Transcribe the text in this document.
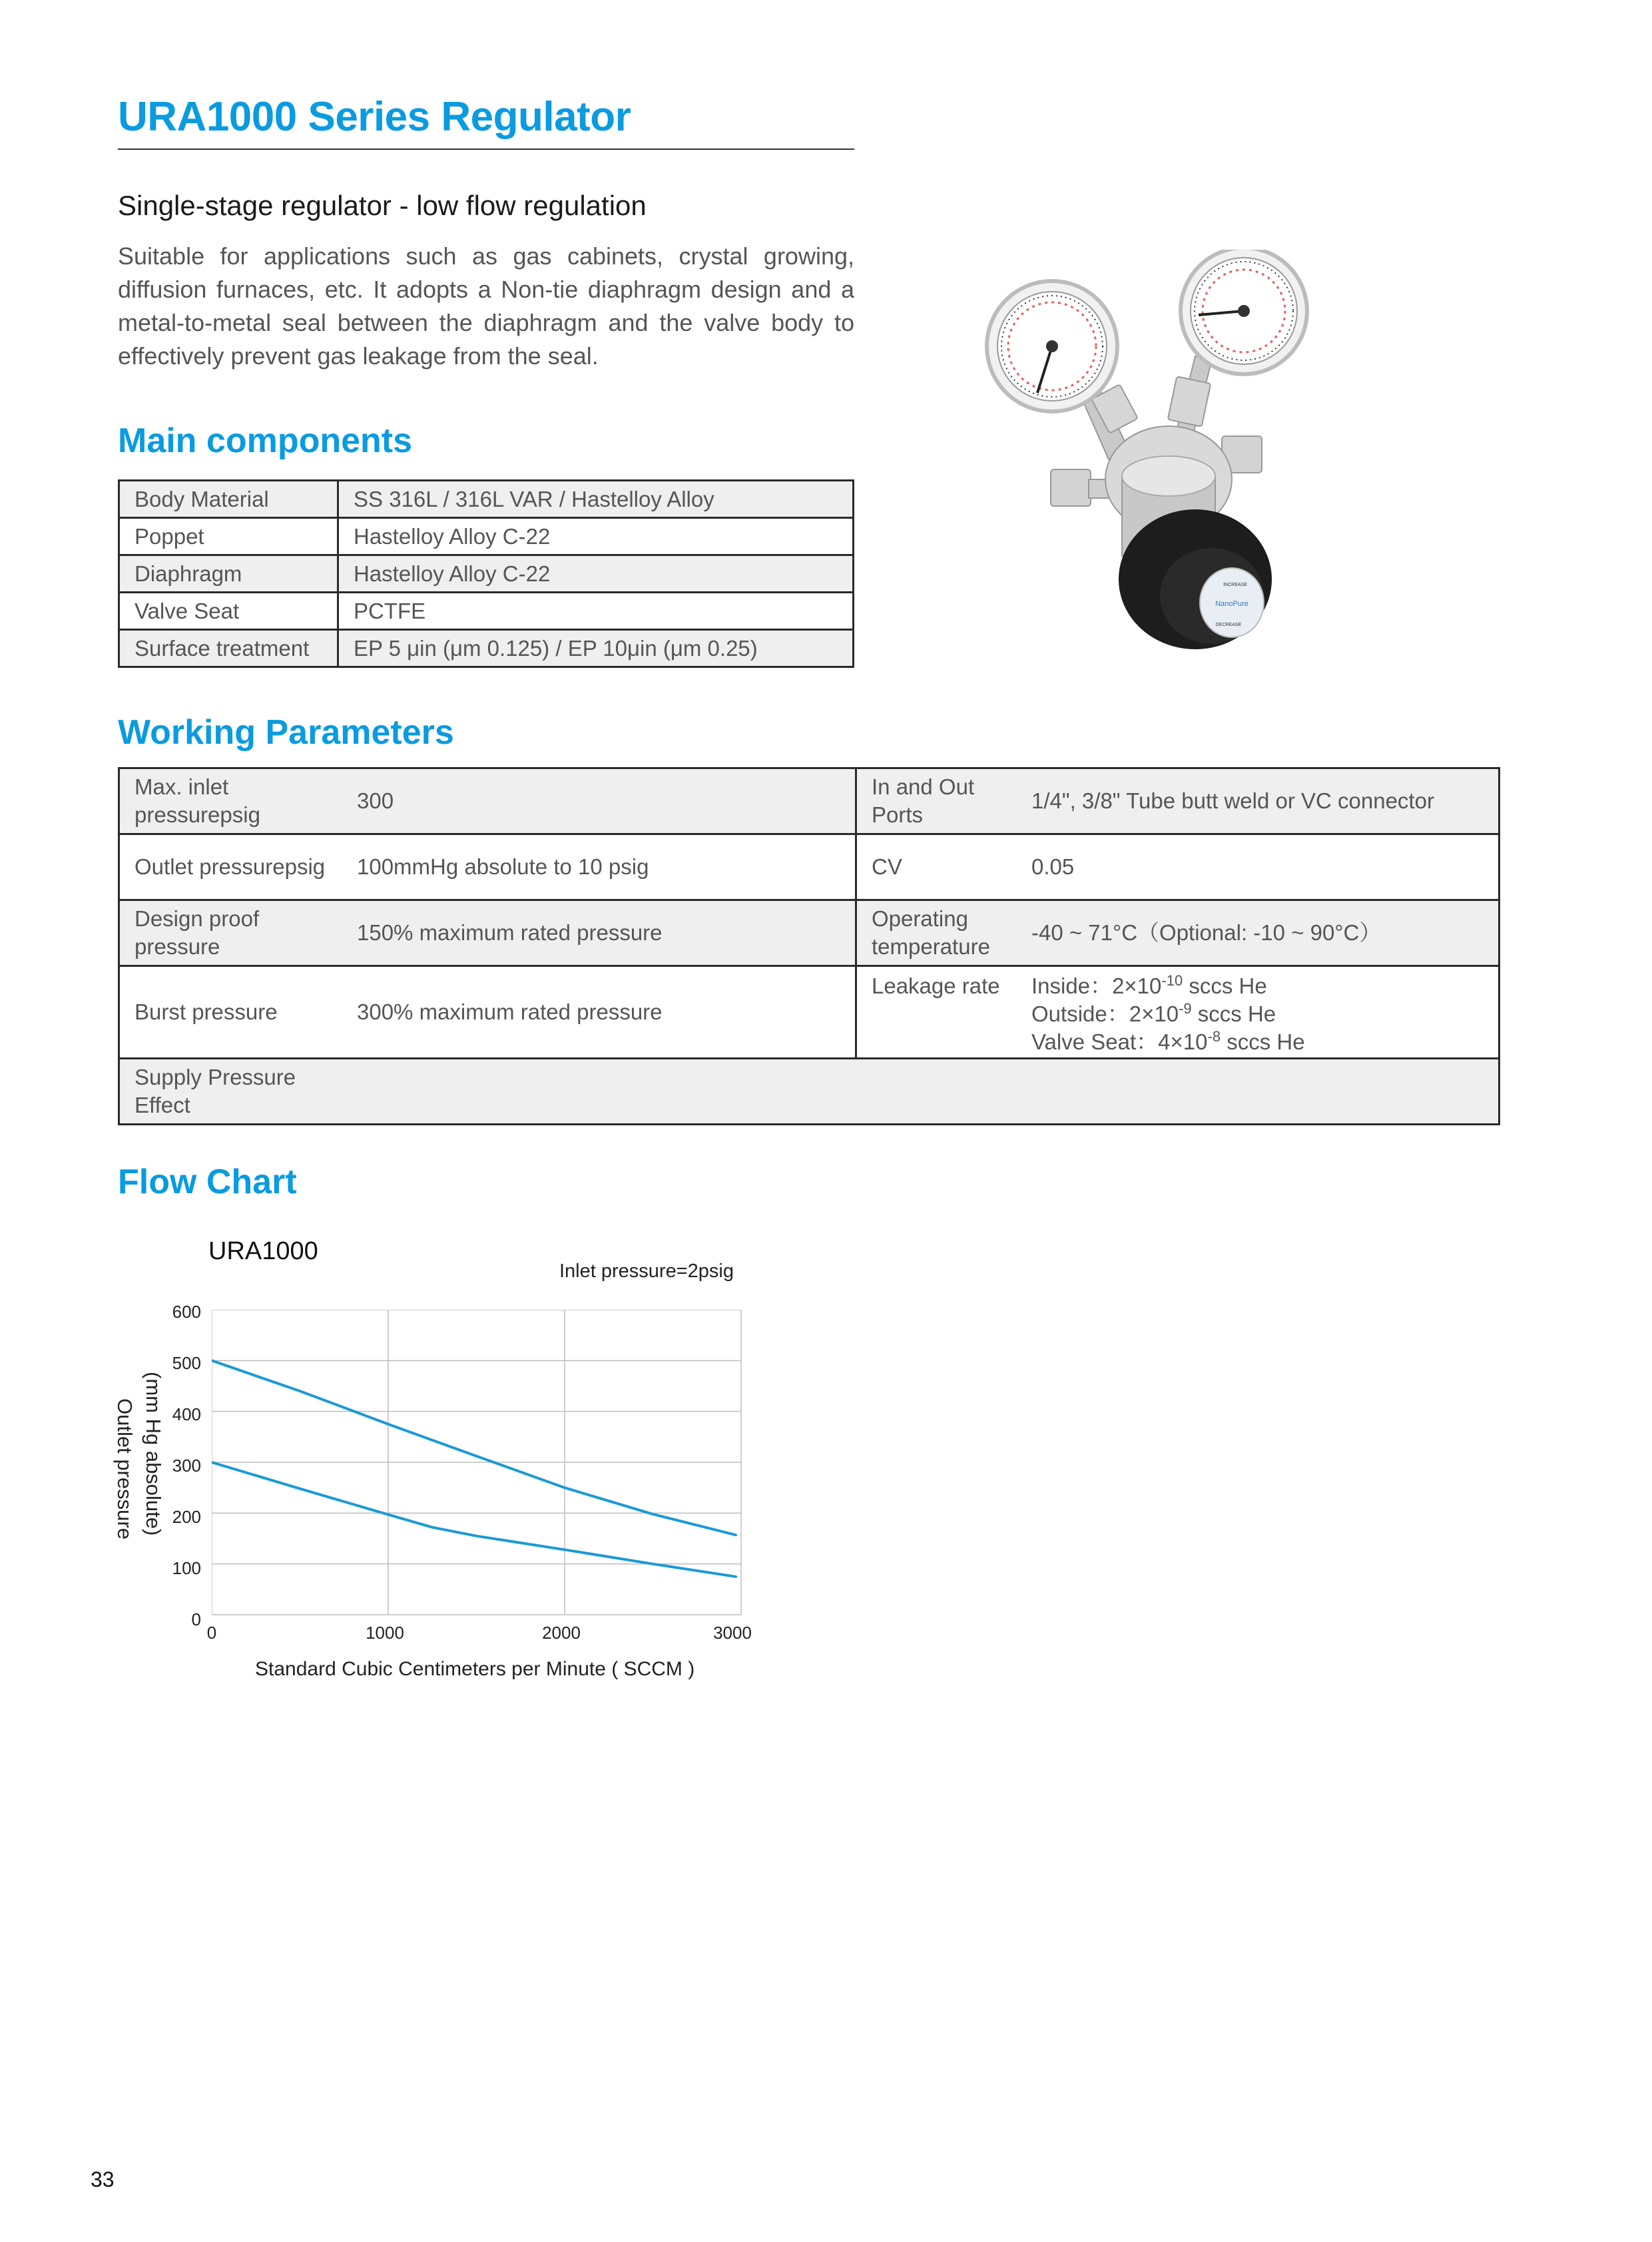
URA1000 Series Regulator
Single-stage regulator - low flow regulation
Suitable for applications such as gas cabinets, crystal growing, diffusion furnaces, etc. It adopts a Non-tie diaphragm design and a metal-to-metal seal between the diaphragm and the valve body to effectively prevent gas leakage from the seal.
NanoPure
INCREASE
DECREASE
Main components
Body Material	SS 316L / 316L VAR / Hastelloy Alloy
Poppet	Hastelloy Alloy C-22
Diaphragm	Hastelloy Alloy C-22
Valve Seat	PCTFE
Surface treatment	EP 5 μin (μm 0.125) / EP 10μin (μm 0.25)
Working Parameters
Max. inlet pressurepsig	300	In and Out Ports	1/4", 3/8" Tube butt weld or VC connector
Outlet pressurepsig	100mmHg absolute to 10 psig	CV	0.05
Design proof pressure	150% maximum rated pressure	Operating temperature	-40 ~ 71°C（Optional: -10 ~ 90°C）
Burst pressure	300% maximum rated pressure	Leakage rate	Inside：$2\times 10^{-10}$ sccs He
Outside：$2\times 10^{-9}$ sccs He
Valve Seat：$4\times 10^{-8}$ sccs He

Supply Pressure Effect			
Flow Chart
URA1000
Inlet pressure=2psig
Outlet pressure (mm Hg absolute)
600
500
400
300
200
100
0
0	1000	2000	3000
Standard Cubic Centimeters per Minute ( SCCM )
33
